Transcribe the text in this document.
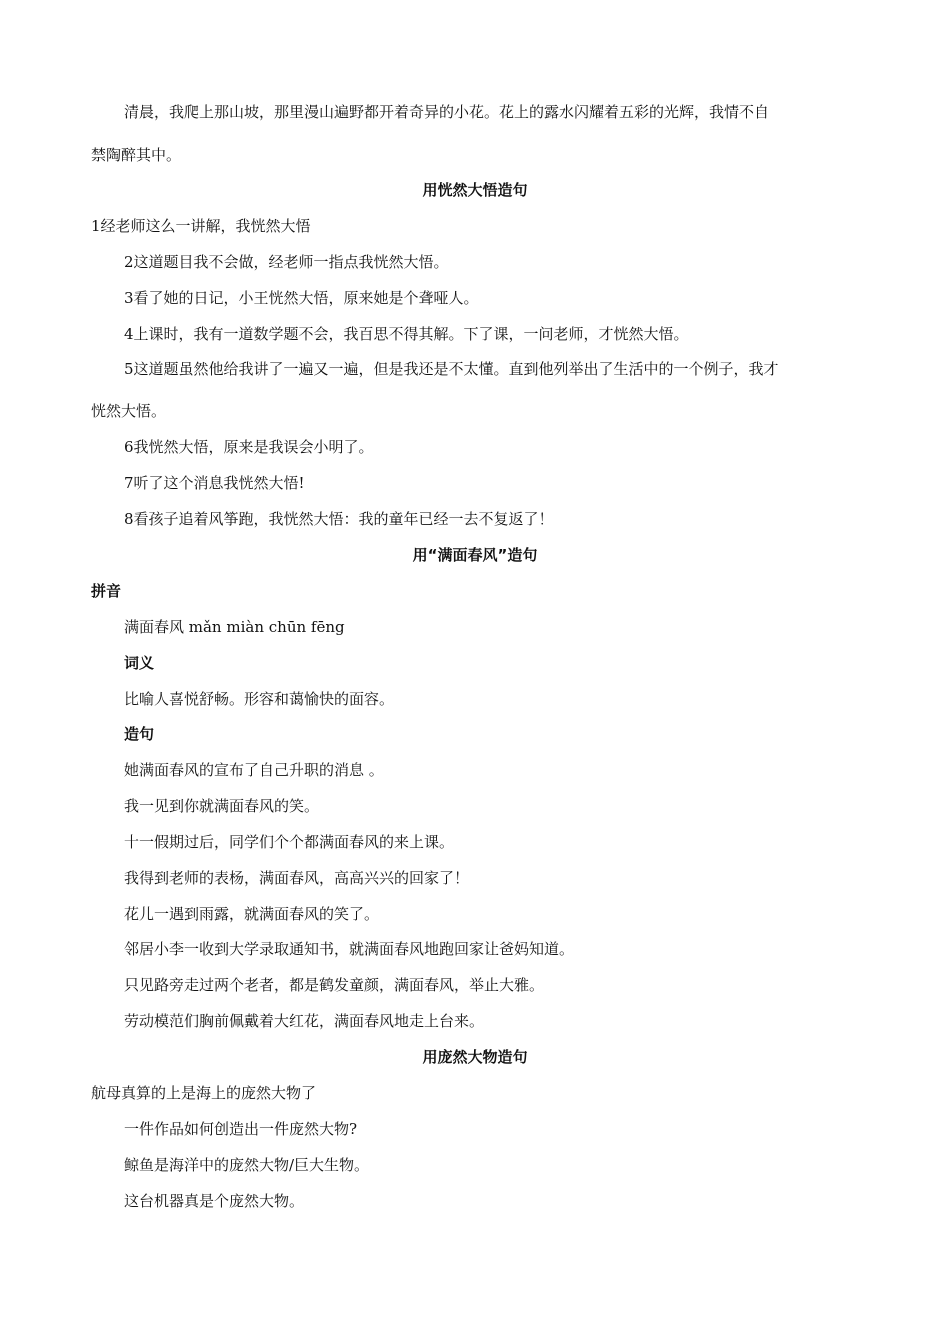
清晨，我爬上那山坡，那里漫山遍野都开着奇异的小花。花上的露水闪耀着五彩的光辉，我情不自
禁陶醉其中。
用恍然大悟造句
1经老师这么一讲解，我恍然大悟
2这道题目我不会做，经老师一指点我恍然大悟。
3看了她的日记，小王恍然大悟，原来她是个聋哑人。
4上课时，我有一道数学题不会，我百思不得其解。下了课，一问老师，才恍然大悟。
5这道题虽然他给我讲了一遍又一遍，但是我还是不太懂。直到他列举出了生活中的一个例子，我才
恍然大悟。
6我恍然大悟，原来是我误会小明了。
7听了这个消息我恍然大悟!
8看孩子追着风筝跑，我恍然大悟：我的童年已经一去不复返了！
用“满面春风”造句
拼音
满面春风 mǎn miàn chūn fēng
词义
比喻人喜悦舒畅。形容和蔼愉快的面容。
造句
她满面春风的宣布了自己升职的消息 。
我一见到你就满面春风的笑。
十一假期过后，同学们个个都满面春风的来上课。
我得到老师的表杨，满面春风，高高兴兴的回家了！
花儿一遇到雨露，就满面春风的笑了。
邻居小李一收到大学录取通知书，就满面春风地跑回家让爸妈知道。
只见路旁走过两个老者，都是鹤发童颜，满面春风，举止大雅。
劳动模范们胸前佩戴着大红花，满面春风地走上台来。
用庞然大物造句
航母真算的上是海上的庞然大物了
一件作品如何创造出一件庞然大物?
鲸鱼是海洋中的庞然大物/巨大生物。
这台机器真是个庞然大物。
